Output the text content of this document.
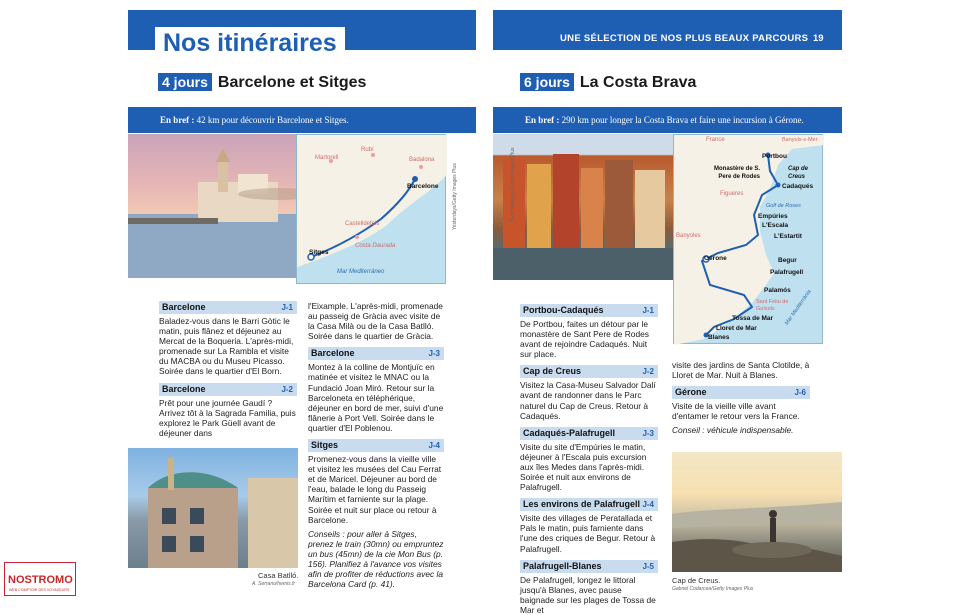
Nos itinéraires
4 jours Barcelone et Sitges
En bref : 42 km pour découvrir Barcelone et Sitges.
Rubí
Martorell	Badalona
Barcelone
Castelldefels
Sitges
Costa Daurada
Mar Mediterráneo
Yesterdays/Getty Images Plus
Barcelone	J-1

Baladez-vous dans le Barri Gòtic le matin, puis flânez et déjeunez au Mercat de la Boqueria. L'après-midi, promenade sur La Rambla et visite du MACBA ou du Museu Picasso. Soirée dans le quartier d'El Born.

Barcelone	J-2

Prêt pour une journée Gaudí ? Arrivez tôt à la Sagrada Familia, puis explorez le Park Güell avant de déjeuner dans

l'Eixample. L'après-midi, promenade au passeig de Gràcia avec visite de la Casa Milà ou de la Casa Batlló. Soirée dans le quartier de Gràcia.

Barcelone	J-3

Montez à la colline de Montjuïc en matinée et visitez le MNAC ou la Fundació Joan Miró. Retour sur la Barceloneta en téléphérique, déjeuner en bord de mer, suivi d'une flânerie à Port Vell. Soirée dans le quartier d'El Poblenou.

Sitges	J-4

Promenez-vous dans la vieille ville et visitez les musées del Cau Ferrat et de Maricel. Déjeuner au bord de l'eau, balade le long du Passeig Marítim et farniente sur la plage. Soirée et nuit sur place ou retour à Barcelone.

Conseils : pour aller à Sitges, prenez le train (30mn) ou empruntez un bus (45mn) de la cie Mon Bus (p. 156). Planifiez à l'avance vos visites afin de profiter de réductions avec la Barcelona Card (p. 41).

Casa Batlló.
A. Serrano/hemis.fr
UNE SÉLECTION DE NOS PLUS BEAUX PARCOURS 19
6 jours La Costa Brava
En bref : 290 km pour longer la Costa Brava et faire une incursion à Gérone.
Tono Balaguer/Getty Images Plus
France	Banyuls-s-Mer
Portbou
Monastère de S. Pere de Rodes
Cap de Creus
Cadaqués
Figueres
Golf de Roses
Empúries
L'Escala
L'Estartit
Banyoles
Gérone	Begur
Palafrugell
Palamós
Sant Feliu de Guíxols
Tossa de Mar
Lloret de Mar
Blanes
Mar Mediterrània
Portbou-Cadaqués	J-1

De Portbou, faites un détour par le monastère de Sant Pere de Rodes avant de rejoindre Cadaqués. Nuit sur place.

Cap de Creus	J-2

Visitez la Casa-Museu Salvador Dalí avant de randonner dans le Parc naturel du Cap de Creus. Retour à Cadaqués.

Cadaqués-Palafrugell	J-3

Visite du site d'Empúries le matin, déjeuner à l'Escala puis excursion aux îles Medes dans l'après-midi. Soirée et nuit aux environs de Palafrugell.

Les environs de Palafrugell J-4

Visite des villages de Peratallada et Pals le matin, puis farniente dans l'une des criques de Begur. Retour à Palafrugell.

Palafrugell-Blanes	J-5

De Palafrugell, longez le littoral jusqu'à Blanes, avec pause baignade sur les plages de Tossa de Mar et

visite des jardins de Santa Clotilde, à Lloret de Mar. Nuit à Blanes.

Gérone	J-6

Visite de la vieille ville avant d'entamer le retour vers la France.

Conseil : véhicule indispensable.

Cap de Creus.
Gabriel Codarcea/Getty Images Plus
NOSTROMO
WEB COMPTOIR DES VOYAGEURS
